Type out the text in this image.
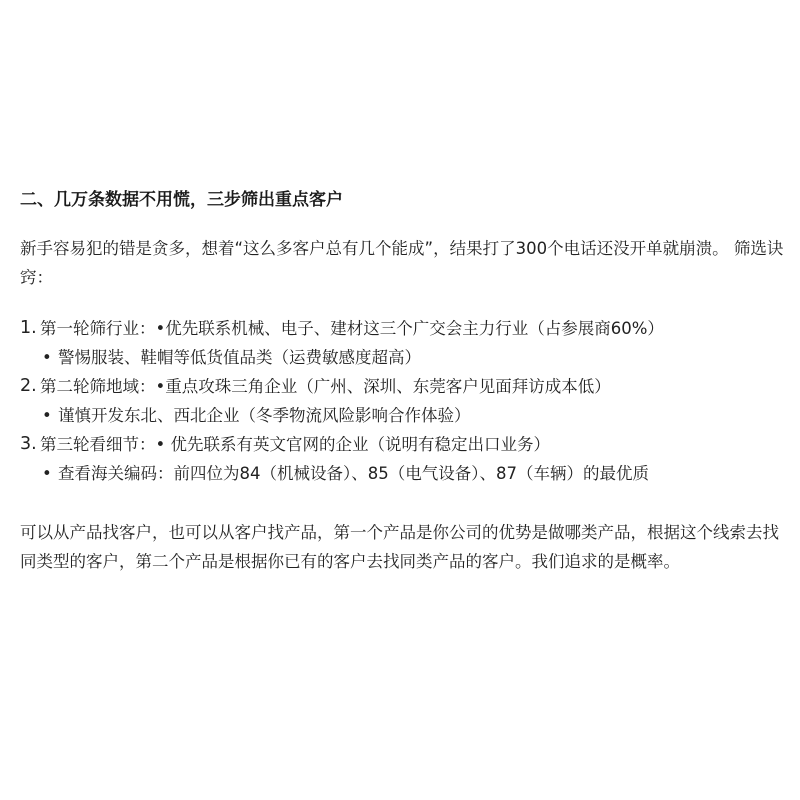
二、几万条数据不用慌，三步筛出重点客户

新手容易犯的错是贪多，想着“这么多客户总有几个能成”，结果打了300个电话还没开单就崩溃。 筛选诀窍：

1. 第一轮筛行业：•优先联系机械、电子、建材这三个广交会主力行业（占参展商60%）
• 警惕服装、鞋帽等低货值品类（运费敏感度超高）
2. 第二轮筛地域：•重点攻珠三角企业（广州、深圳、东莞客户见面拜访成本低）
• 谨慎开发东北、西北企业（冬季物流风险影响合作体验）
3. 第三轮看细节：• 优先联系有英文官网的企业（说明有稳定出口业务）
• 查看海关编码：前四位为84（机械设备）、85（电气设备）、87（车辆）的最优质

可以从产品找客户，也可以从客户找产品，第一个产品是你公司的优势是做哪类产品，根据这个线索去找同类型的客户，第二个产品是根据你已有的客户去找同类产品的客户。我们追求的是概率。
